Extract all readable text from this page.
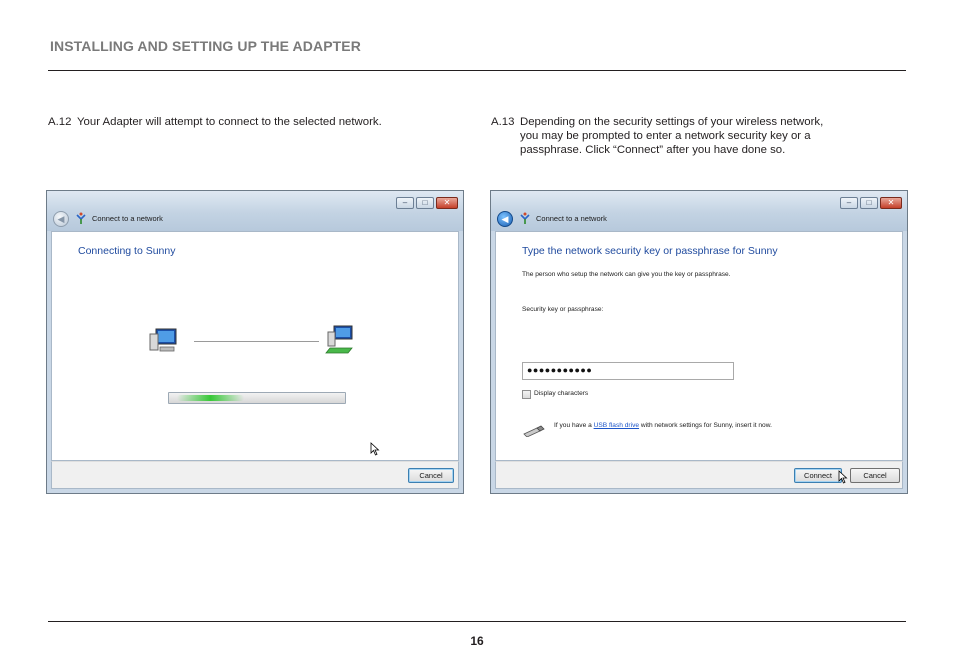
INSTALLING AND SETTING UP THE ADAPTER
A.12 Your Adapter will attempt to connect to the selected network.	A.13 Depending on the security settings of your wireless network,
you may be prompted to enter a network security key or a
passphrase. Click “Connect” after you have done so.
–	□	✕
◀	Connect to a network
Connecting to Sunny
Cancel
–	□	✕
◀	Connect to a network
Type the network security key or passphrase for Sunny
The person who setup the network can give you the key or passphrase.
Security key or passphrase:
●●●●●●●●●●●
Display characters
If you have a USB flash drive with network settings for Sunny, insert it now.
Connect	Cancel
16
